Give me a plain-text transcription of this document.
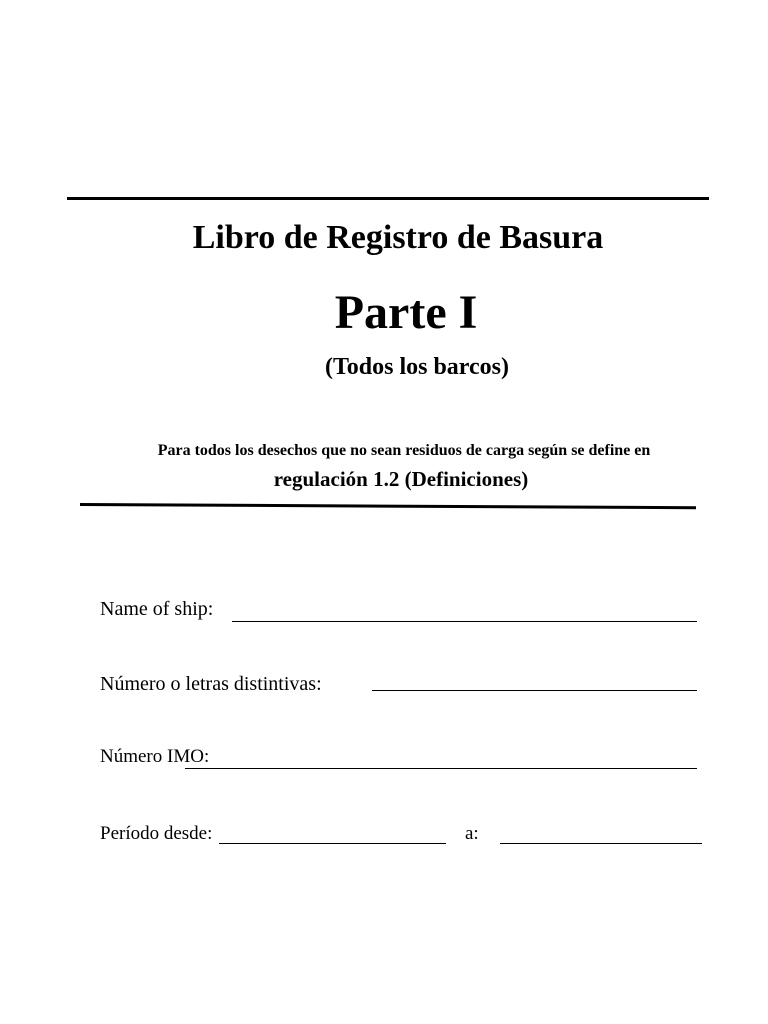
Libro de Registro de Basura
Parte I
(Todos los barcos)
Para todos los desechos que no sean residuos de carga según se define en
regulación 1.2 (Definiciones)
Name of ship:
Número o letras distintivas:
Número IMO:
Período desde:	a:
